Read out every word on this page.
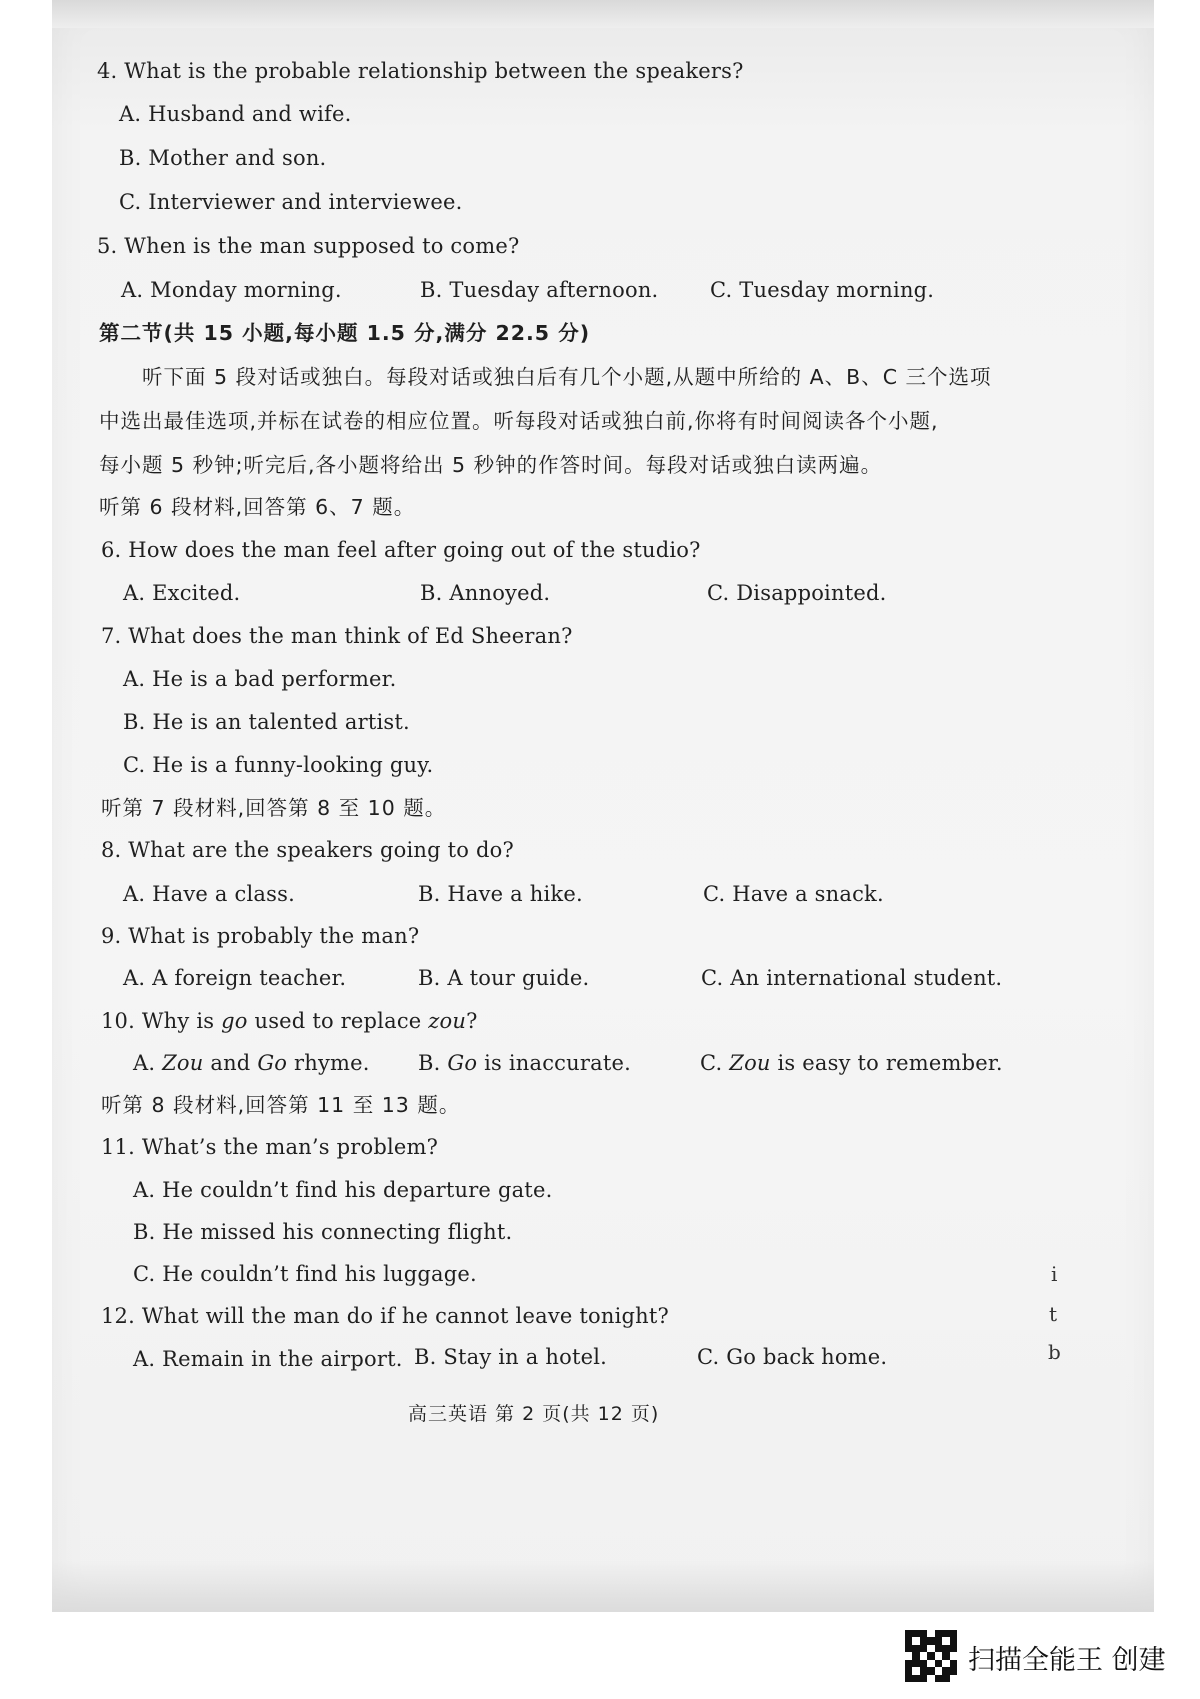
4. What is the probable relationship between the speakers?

A. Husband and wife.

B. Mother and son.

C. Interviewer and interviewee.

5. When is the man supposed to come?

A. Monday morning.	B. Tuesday afternoon. C. Tuesday morning.

第二节(共 15 小题,每小题 1.5 分,满分 22.5 分)

听下面 5 段对话或独白。每段对话或独白后有几个小题,从题中所给的 A、B、C 三个选项

中选出最佳选项,并标在试卷的相应位置。听每段对话或独白前,你将有时间阅读各个小题,

每小题 5 秒钟;听完后,各小题将给出 5 秒钟的作答时间。每段对话或独白读两遍。

听第 6 段材料,回答第 6、7 题。

6. How does the man feel after going out of the studio?

A. Excited.	B. Annoyed.	C. Disappointed.

7. What does the man think of Ed Sheeran?

A. He is a bad performer.

B. He is an talented artist.

C. He is a funny-looking guy.

听第 7 段材料,回答第 8 至 10 题。

8. What are the speakers going to do?

A. Have a class.	B. Have a hike.	C. Have a snack.

9. What is probably the man?

A. A foreign teacher.	B. A tour guide.	C. An international student.

10. Why is go used to replace zou?

A. Zou and Go rhyme. B. Go is inaccurate.	C. Zou is easy to remember.

听第 8 段材料,回答第 11 至 13 题。

11. What’s the man’s problem?

A. He couldn’t find his departure gate.

B. He missed his connecting flight.

C. He couldn’t find his luggage.

12. What will the man do if he cannot leave tonight?

A. Remain in the airport. B. Stay in a hotel.	C. Go back home.

i
t
b

高三英语 第 2 页(共 12 页)

扫描全能王 创建
